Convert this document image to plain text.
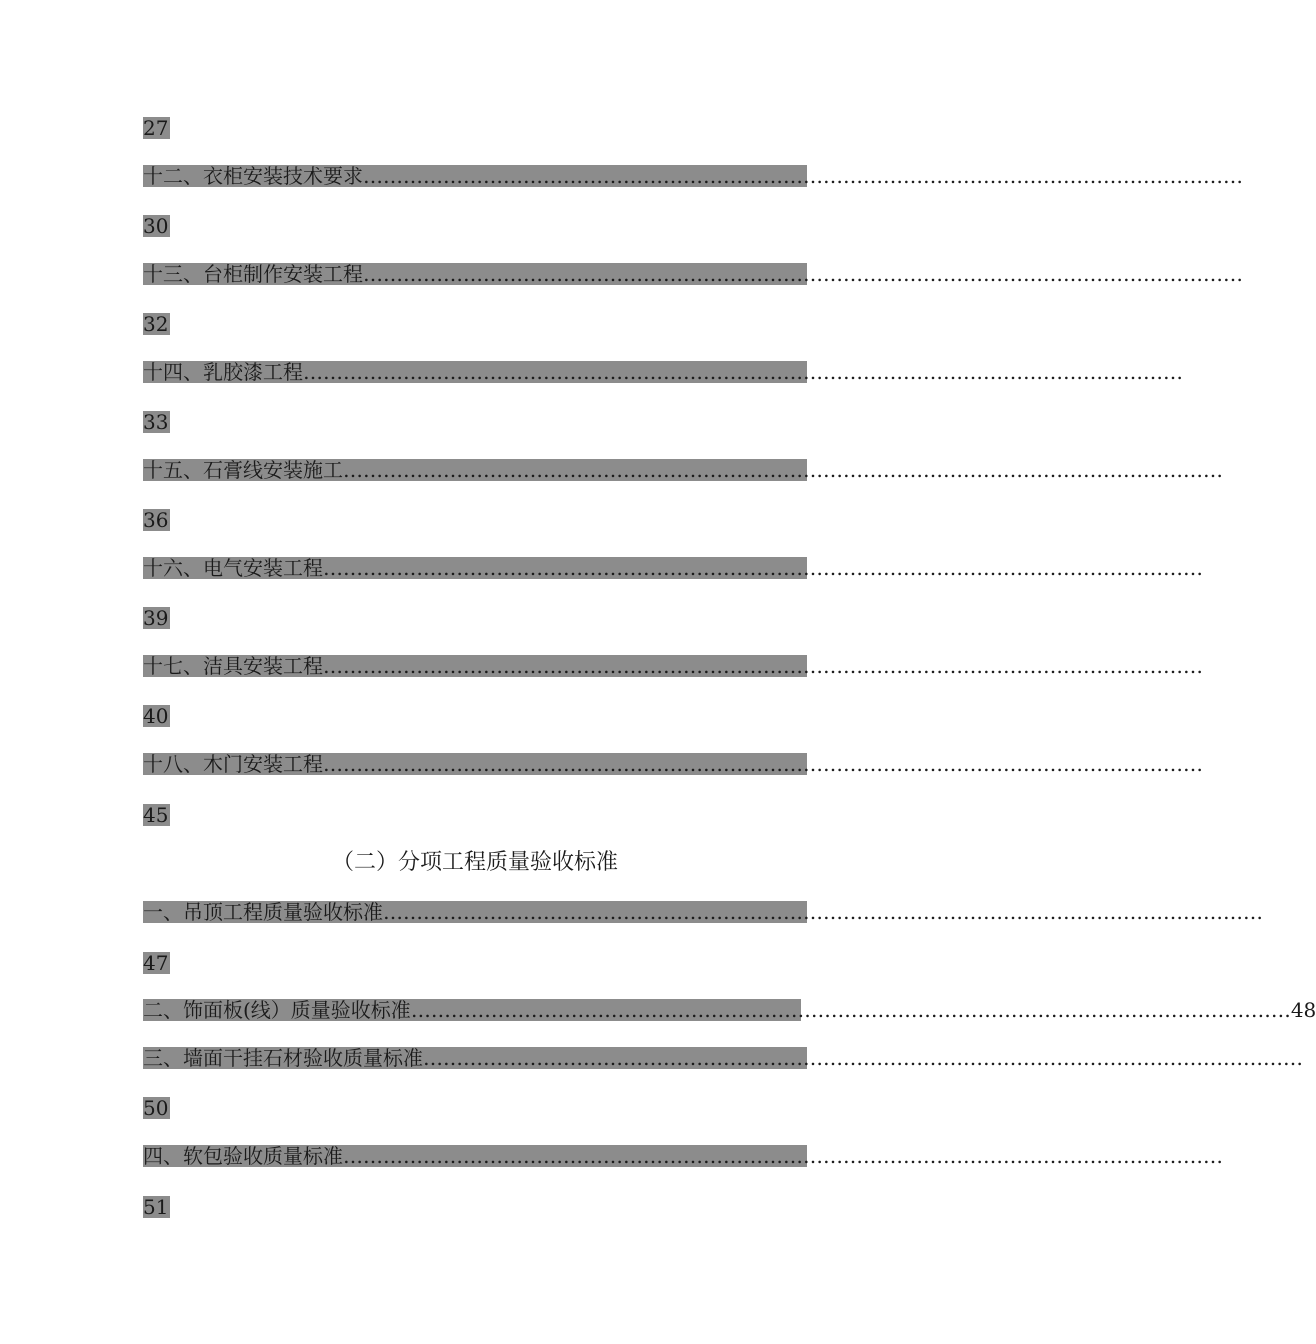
27
十二、衣柜安装技术要求……………………………………………………………………………………………………………………
30
十三、台柜制作安装工程……………………………………………………………………………………………………………………
32
十四、乳胶漆工程……………………………………………………………………………………………………………………
33
十五、石膏线安装施工……………………………………………………………………………………………………………………
36
十六、电气安装工程……………………………………………………………………………………………………………………
39
十七、洁具安装工程……………………………………………………………………………………………………………………
40
十八、木门安装工程……………………………………………………………………………………………………………………
45
（二）分项工程质量验收标准
一、吊顶工程质量验收标准……………………………………………………………………………………………………………………
47
二、饰面板(线）质量验收标准 …………………………………………………………………………………………………………………… 48
三、墙面干挂石材验收质量标准……………………………………………………………………………………………………………………
50
四、软包验收质量标准……………………………………………………………………………………………………………………
51
